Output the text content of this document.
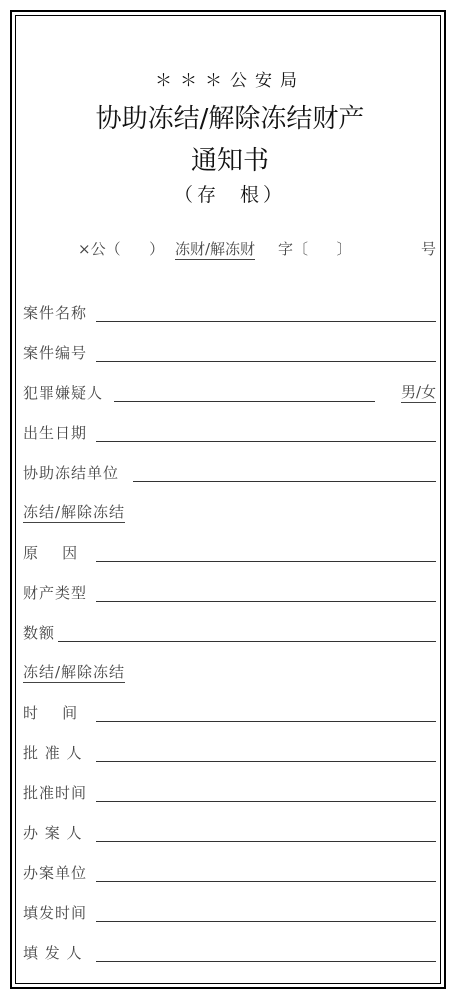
＊＊＊公安局
协助冻结/解除冻结财产
通知书
（存  根）

×公（      ）

冻财/解冻财

字〔      〕

	号

案件名称
案件编号
犯罪嫌疑人	男/女
出生日期
协助冻结单位
冻结/解除冻结
原    因
财产类型
数额
冻结/解除冻结
时    间
批 准 人
批准时间
办 案 人
办案单位
填发时间
填 发 人
